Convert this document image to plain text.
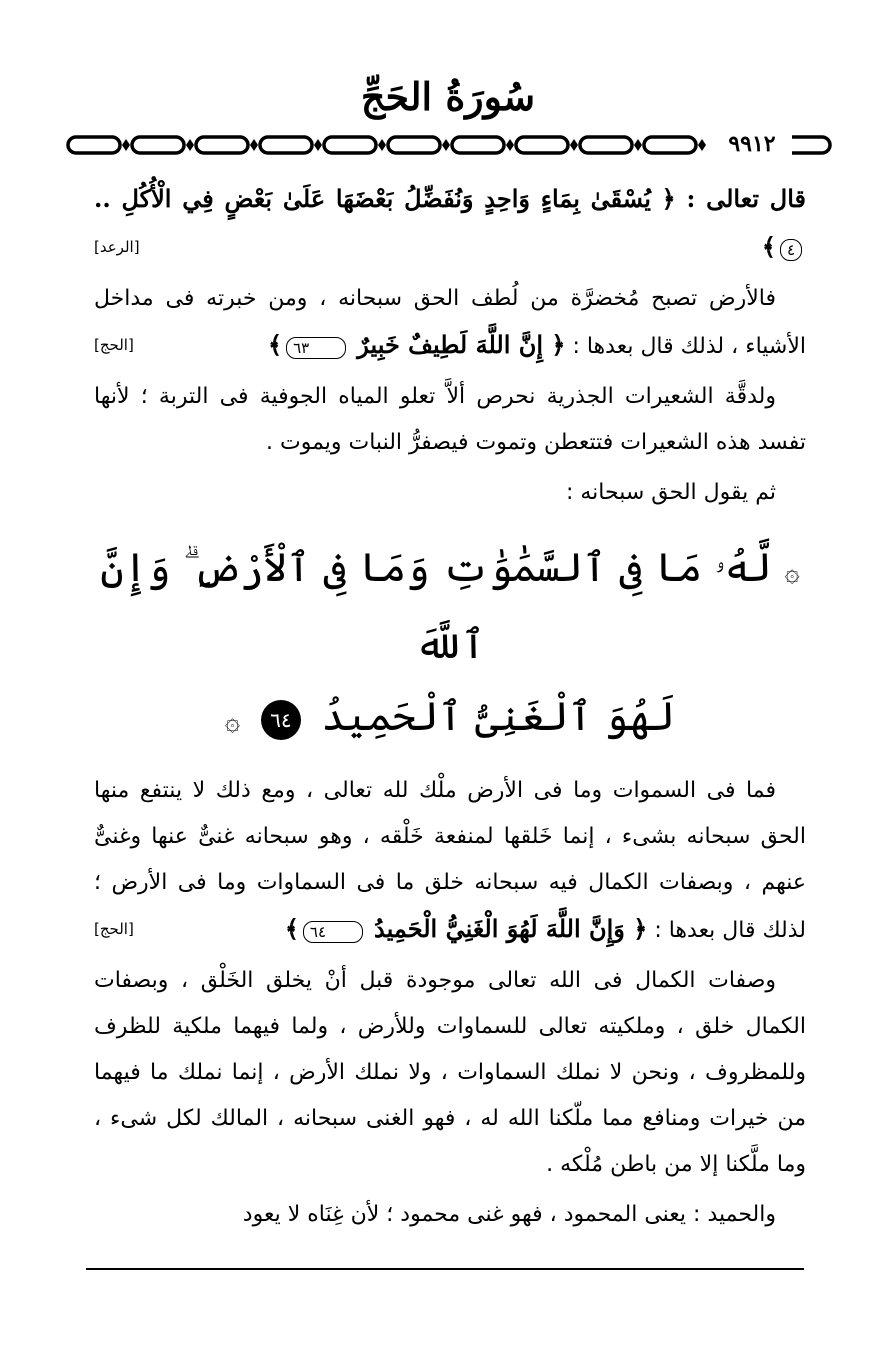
سُورَةُ الحَجِّ
٩٩١٢

قال تعالى : ﴿ يُسْقَىٰ بِمَاءٍ وَاحِدٍ وَنُفَضِّلُ بَعْضَهَا عَلَىٰ بَعْضٍ فِي الْأُكُلِ .. ٤﴾
[الرعد]

فالأرض تصبح مُخضرَّة من لُطف الحق سبحانه ، ومن خبرته فى مداخل الأشياء ، لذلك قال بعدها : ﴿ إِنَّ اللَّهَ لَطِيفٌ خَبِيرٌ ٦٣﴾
[الحج]

ولدقَّة الشعيرات الجذرية نحرص ألاَّ تعلو المياه الجوفية فى التربة ؛ لأنها تفسد هذه الشعيرات فتتعطن وتموت فيصفرُّ النبات ويموت .

ثم يقول الحق سبحانه :

۞ لَّهُۥ مَا فِى ٱلسَّمَٰوَٰتِ وَمَا فِى ٱلْأَرْضِ ۗ وَإِنَّ ٱللَّهَ
لَهُوَ ٱلْغَنِىُّ ٱلْحَمِيدُ ٦٤ ۞

فما فى السموات وما فى الأرض ملْك لله تعالى ، ومع ذلك لا ينتفع منها الحق سبحانه بشىء ، إنما خَلقها لمنفعة خَلْقه ، وهو سبحانه غنىٌّ عنها وغنىٌّ عنهم ، وبصفات الكمال فيه سبحانه خلق ما فى السماوات وما فى الأرض ؛ لذلك قال بعدها : ﴿ وَإِنَّ اللَّهَ لَهُوَ الْغَنِيُّ الْحَمِيدُ ٦٤﴾
[الحج]

وصفات الكمال فى الله تعالى موجودة قبل أنْ يخلق الخَلْق ، وبصفات الكمال خلق ، وملكيته تعالى للسماوات وللأرض ، ولما فيهما ملكية للظرف وللمظروف ، ونحن لا نملك السماوات ، ولا نملك الأرض ، إنما نملك ما فيهما من خيرات ومنافع مما ملّكنا الله له ، فهو الغنى سبحانه ، المالك لكل شىء ، وما ملَّكنا إلا من باطن مُلْكه .

والحميد : يعنى المحمود ، فهو غنى محمود ؛ لأن غِنَاه لا يعود
